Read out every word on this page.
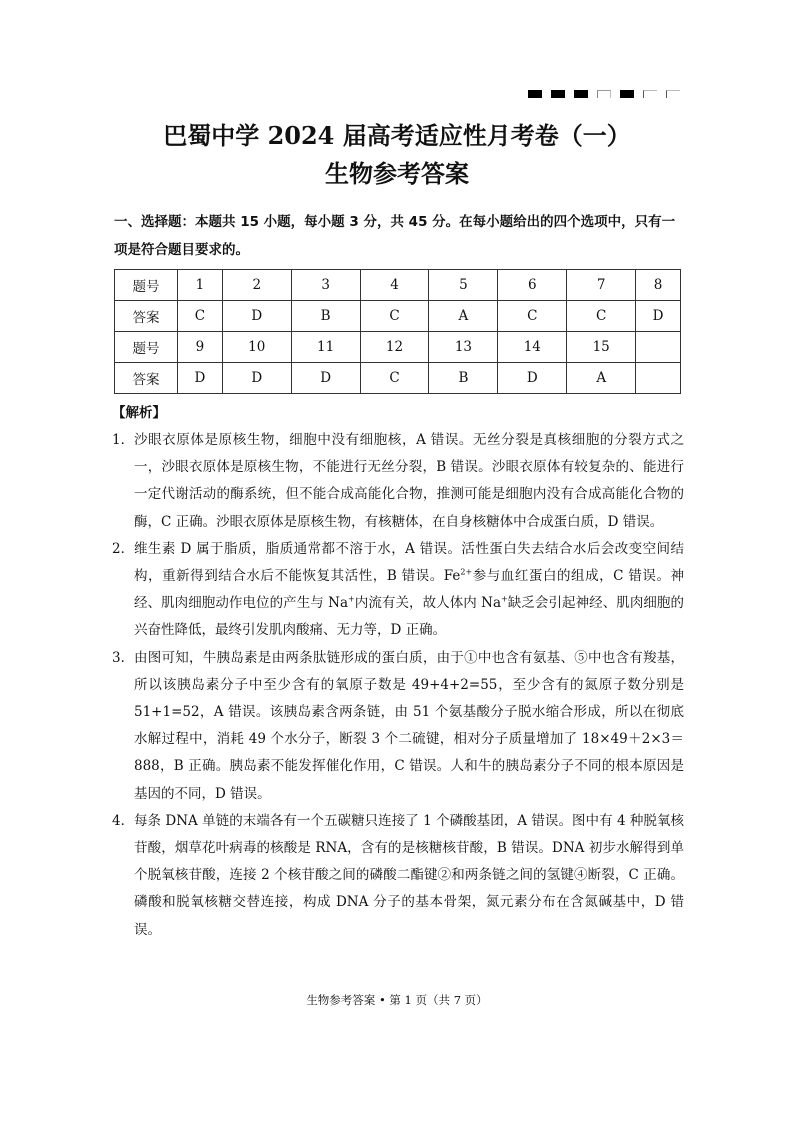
巴蜀中学 2024 届高考适应性月考卷（一）
生物参考答案
一、选择题：本题共 15 小题，每小题 3 分，共 45 分。在每小题给出的四个选项中，只有一项是符合题目要求的。
题号	1	2	3	4	5	6	7	8
答案	C	D	B	C	A	C	C	D
题号	9	10	11	12	13	14	15	
答案	D	D	D	C	B	D	A	
【解析】
1． 沙眼衣原体是原核生物，细胞中没有细胞核，A 错误。无丝分裂是真核细胞的分裂方式之一，沙眼衣原体是原核生物，不能进行无丝分裂，B 错误。沙眼衣原体有较复杂的、能进行一定代谢活动的酶系统，但不能合成高能化合物，推测可能是细胞内没有合成高能化合物的酶，C 正确。沙眼衣原体是原核生物，有核糖体，在自身核糖体中合成蛋白质，D 错误。
2． 维生素 D 属于脂质，脂质通常都不溶于水，A 错误。活性蛋白失去结合水后会改变空间结构，重新得到结合水后不能恢复其活性，B 错误。$Fe^{2+}$参与血红蛋白的组成，C 错误。神经、肌肉细胞动作电位的产生与 Na+内流有关，故人体内 Na+缺乏会引起神经、肌肉细胞的兴奋性降低，最终引发肌肉酸痛、无力等，D 正确。
3． 由图可知，牛胰岛素是由两条肽链形成的蛋白质，由于①中也含有氨基、⑤中也含有羧基，所以该胰岛素分子中至少含有的氧原子数是 49+4+2=55，至少含有的氮原子数分别是 51+1=52，A 错误。该胰岛素含两条链，由 51 个氨基酸分子脱水缩合形成，所以在彻底水解过程中，消耗 49 个水分子，断裂 3 个二硫键，相对分子质量增加了 18×49＋2×3＝888，B 正确。胰岛素不能发挥催化作用，C 错误。人和牛的胰岛素分子不同的根本原因是基因的不同，D 错误。
4． 每条 DNA 单链的末端各有一个五碳糖只连接了 1 个磷酸基团，A 错误。图中有 4 种脱氧核苷酸，烟草花叶病毒的核酸是 RNA，含有的是核糖核苷酸，B 错误。DNA 初步水解得到单个脱氧核苷酸，连接 2 个核苷酸之间的磷酸二酯键②和两条链之间的氢键④断裂，C 正确。磷酸和脱氧核糖交替连接，构成 DNA 分子的基本骨架，氮元素分布在含氮碱基中，D 错误。
生物参考答案 • 第 1 页（共 7 页）
